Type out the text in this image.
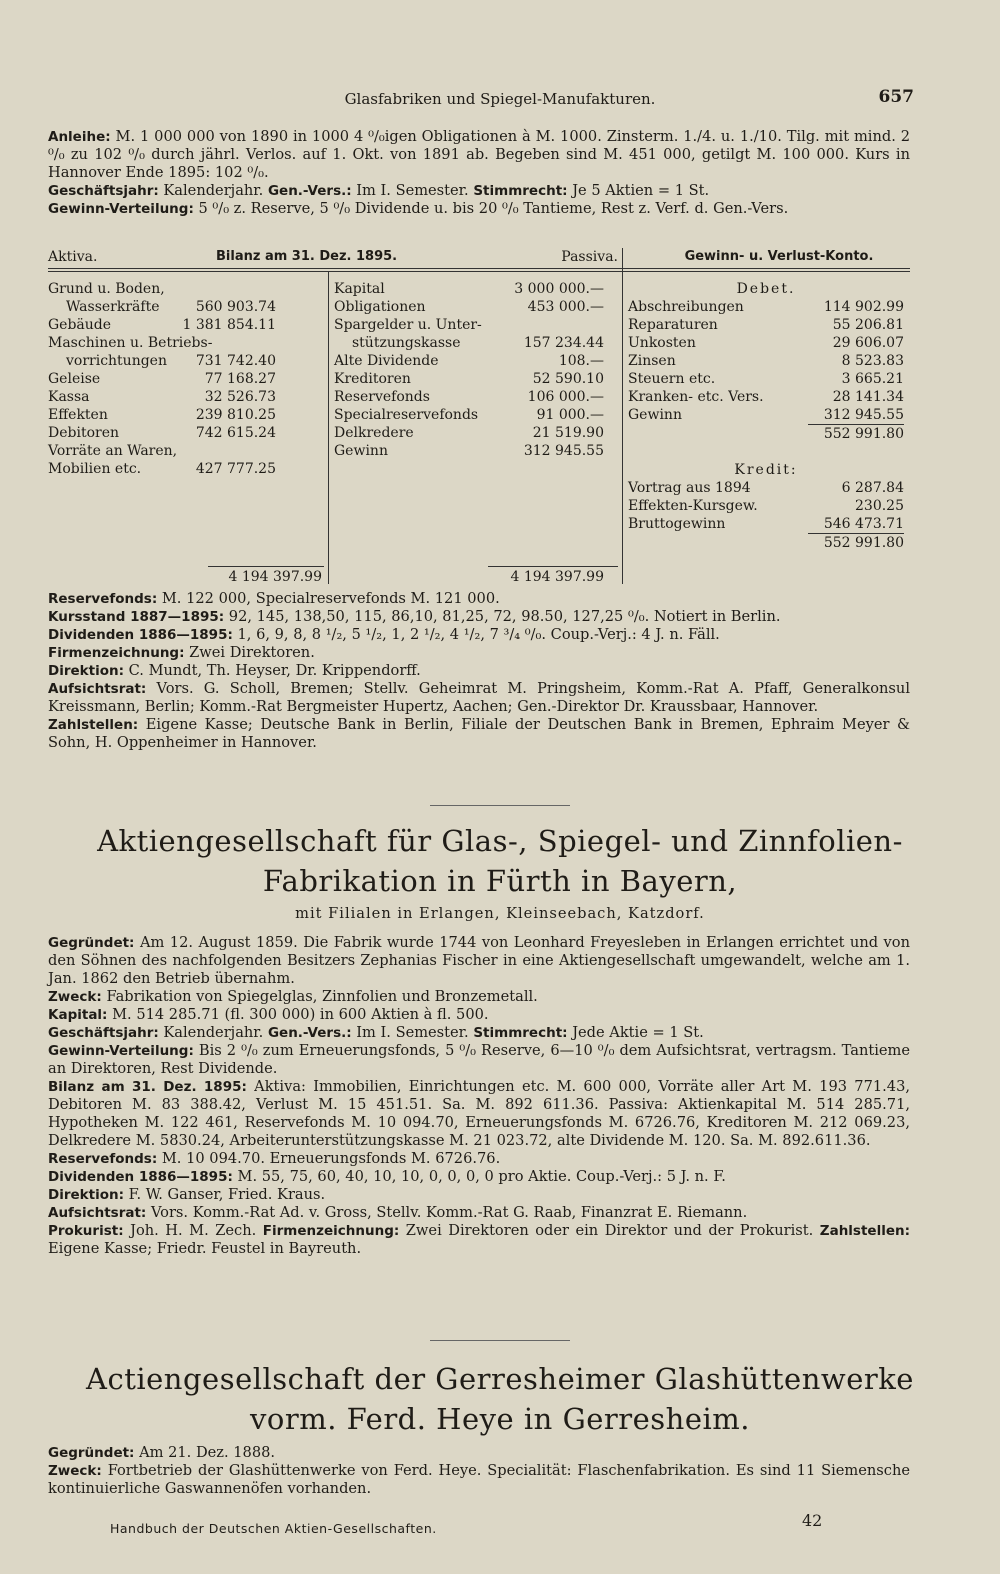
Glasfabriken und Spiegel-Manufakturen.	657

Anleihe: M. 1 000 000 von 1890 in 1000 4 ⁰/₀igen Obligationen à M. 1000. Zinsterm. 1./4. u. 1./10. Tilg. mit mind. 2 ⁰/₀ zu 102 ⁰/₀ durch jährl. Verlos. auf 1. Okt. von 1891 ab. Begeben sind M. 451 000, getilgt M. 100 000. Kurs in Hannover Ende 1895: 102 ⁰/₀.

Geschäftsjahr: Kalenderjahr. Gen.-Vers.: Im I. Semester. Stimmrecht: Je 5 Aktien = 1 St.

Gewinn-Verteilung: 5 ⁰/₀ z. Reserve, 5 ⁰/₀ Dividende u. bis 20 ⁰/₀ Tantieme, Rest z. Verf. d. Gen.-Vers.

Aktiva.	Bilanz am 31. Dez. 1895.	Passiva.	Gewinn- u. Verlust-Konto.
Grund u. Boden,
Wasserkräfte	560 903.74
Gebäude	1 381 854.11
Maschinen u. Betriebs-
vorrichtungen 731 742.40
Geleise	77 168.27
Kassa	32 526.73
Effekten	239 810.25
Debitoren	742 615.24
Vorräte an Waren,
Mobilien etc.	427 777.25
Kapital	3 000 000.—
Obligationen	453 000.—
Spargelder u. Unter-
stützungskasse	157 234.44
Alte Dividende	108.—
Kreditoren	52 590.10
Reservefonds	106 000.—
Specialreservefonds	91 000.—
Delkredere	21 519.90
Gewinn	312 945.55
Debet.
Abschreibungen	114 902.99
Reparaturen	55 206.81
Unkosten	29 606.07
Zinsen	8 523.83
Steuern etc.	3 665.21
Kranken- etc. Vers.	28 141.34
Gewinn	312 945.55
552 991.80
Kredit:
Vortrag aus 1894	6 287.84
Effekten-Kursgew.	230.25
Bruttogewinn	546 473.71
552 991.80
4 194 397.99	4 194 397.99

Reservefonds: M. 122 000, Specialreservefonds M. 121 000.

Kursstand 1887—1895: 92, 145, 138,50, 115, 86,10, 81,25, 72, 98.50, 127,25 ⁰/₀. Notiert in Berlin.

Dividenden 1886—1895: 1, 6, 9, 8, 8 ¹/₂, 5 ¹/₂, 1, 2 ¹/₂, 4 ¹/₂, 7 ³/₄ ⁰/₀. Coup.-Verj.: 4 J. n. Fäll.

Firmenzeichnung: Zwei Direktoren.

Direktion: C. Mundt, Th. Heyser, Dr. Krippendorff.

Aufsichtsrat: Vors. G. Scholl, Bremen; Stellv. Geheimrat M. Pringsheim, Komm.-Rat A. Pfaff, Generalkonsul Kreissmann, Berlin; Komm.-Rat Bergmeister Hupertz, Aachen; Gen.-Direktor Dr. Kraussbaar, Hannover.

Zahlstellen: Eigene Kasse; Deutsche Bank in Berlin, Filiale der Deutschen Bank in Bremen, Ephraim Meyer & Sohn, H. Oppenheimer in Hannover.

Aktiengesellschaft für Glas-, Spiegel- und Zinnfolien-
Fabrikation in Fürth in Bayern,
mit Filialen in Erlangen, Kleinseebach, Katzdorf.

Gegründet: Am 12. August 1859. Die Fabrik wurde 1744 von Leonhard Freyesleben in Erlangen errichtet und von den Söhnen des nachfolgenden Besitzers Zephanias Fischer in eine Aktiengesellschaft umgewandelt, welche am 1. Jan. 1862 den Betrieb übernahm.

Zweck: Fabrikation von Spiegelglas, Zinnfolien und Bronzemetall.

Kapital: M. 514 285.71 (fl. 300 000) in 600 Aktien à fl. 500.

Geschäftsjahr: Kalenderjahr. Gen.-Vers.: Im I. Semester. Stimmrecht: Jede Aktie = 1 St.

Gewinn-Verteilung: Bis 2 ⁰/₀ zum Erneuerungsfonds, 5 ⁰/₀ Reserve, 6—10 ⁰/₀ dem Aufsichtsrat, vertragsm. Tantieme an Direktoren, Rest Dividende.

Bilanz am 31. Dez. 1895: Aktiva: Immobilien, Einrichtungen etc. M. 600 000, Vorräte aller Art M. 193 771.43, Debitoren M. 83 388.42, Verlust M. 15 451.51. Sa. M. 892 611.36. Passiva: Aktienkapital M. 514 285.71, Hypotheken M. 122 461, Reservefonds M. 10 094.70, Erneuerungsfonds M. 6726.76, Kreditoren M. 212 069.23, Delkredere M. 5830.24, Arbeiterunterstützungskasse M. 21 023.72, alte Dividende M. 120. Sa. M. 892.611.36.

Reservefonds: M. 10 094.70. Erneuerungsfonds M. 6726.76.

Dividenden 1886—1895: M. 55, 75, 60, 40, 10, 10, 0, 0, 0, 0 pro Aktie. Coup.-Verj.: 5 J. n. F.

Direktion: F. W. Ganser, Fried. Kraus.

Aufsichtsrat: Vors. Komm.-Rat Ad. v. Gross, Stellv. Komm.-Rat G. Raab, Finanzrat E. Riemann.

Prokurist: Joh. H. M. Zech. Firmenzeichnung: Zwei Direktoren oder ein Direktor und der Prokurist. Zahlstellen: Eigene Kasse; Friedr. Feustel in Bayreuth.

Actiengesellschaft der Gerresheimer Glashüttenwerke
vorm. Ferd. Heye in Gerresheim.

Gegründet: Am 21. Dez. 1888.

Zweck: Fortbetrieb der Glashüttenwerke von Ferd. Heye. Specialität: Flaschenfabrikation. Es sind 11 Siemensche kontinuierliche Gaswannenöfen vorhanden.

Handbuch der Deutschen Aktien-Gesellschaften.	42
